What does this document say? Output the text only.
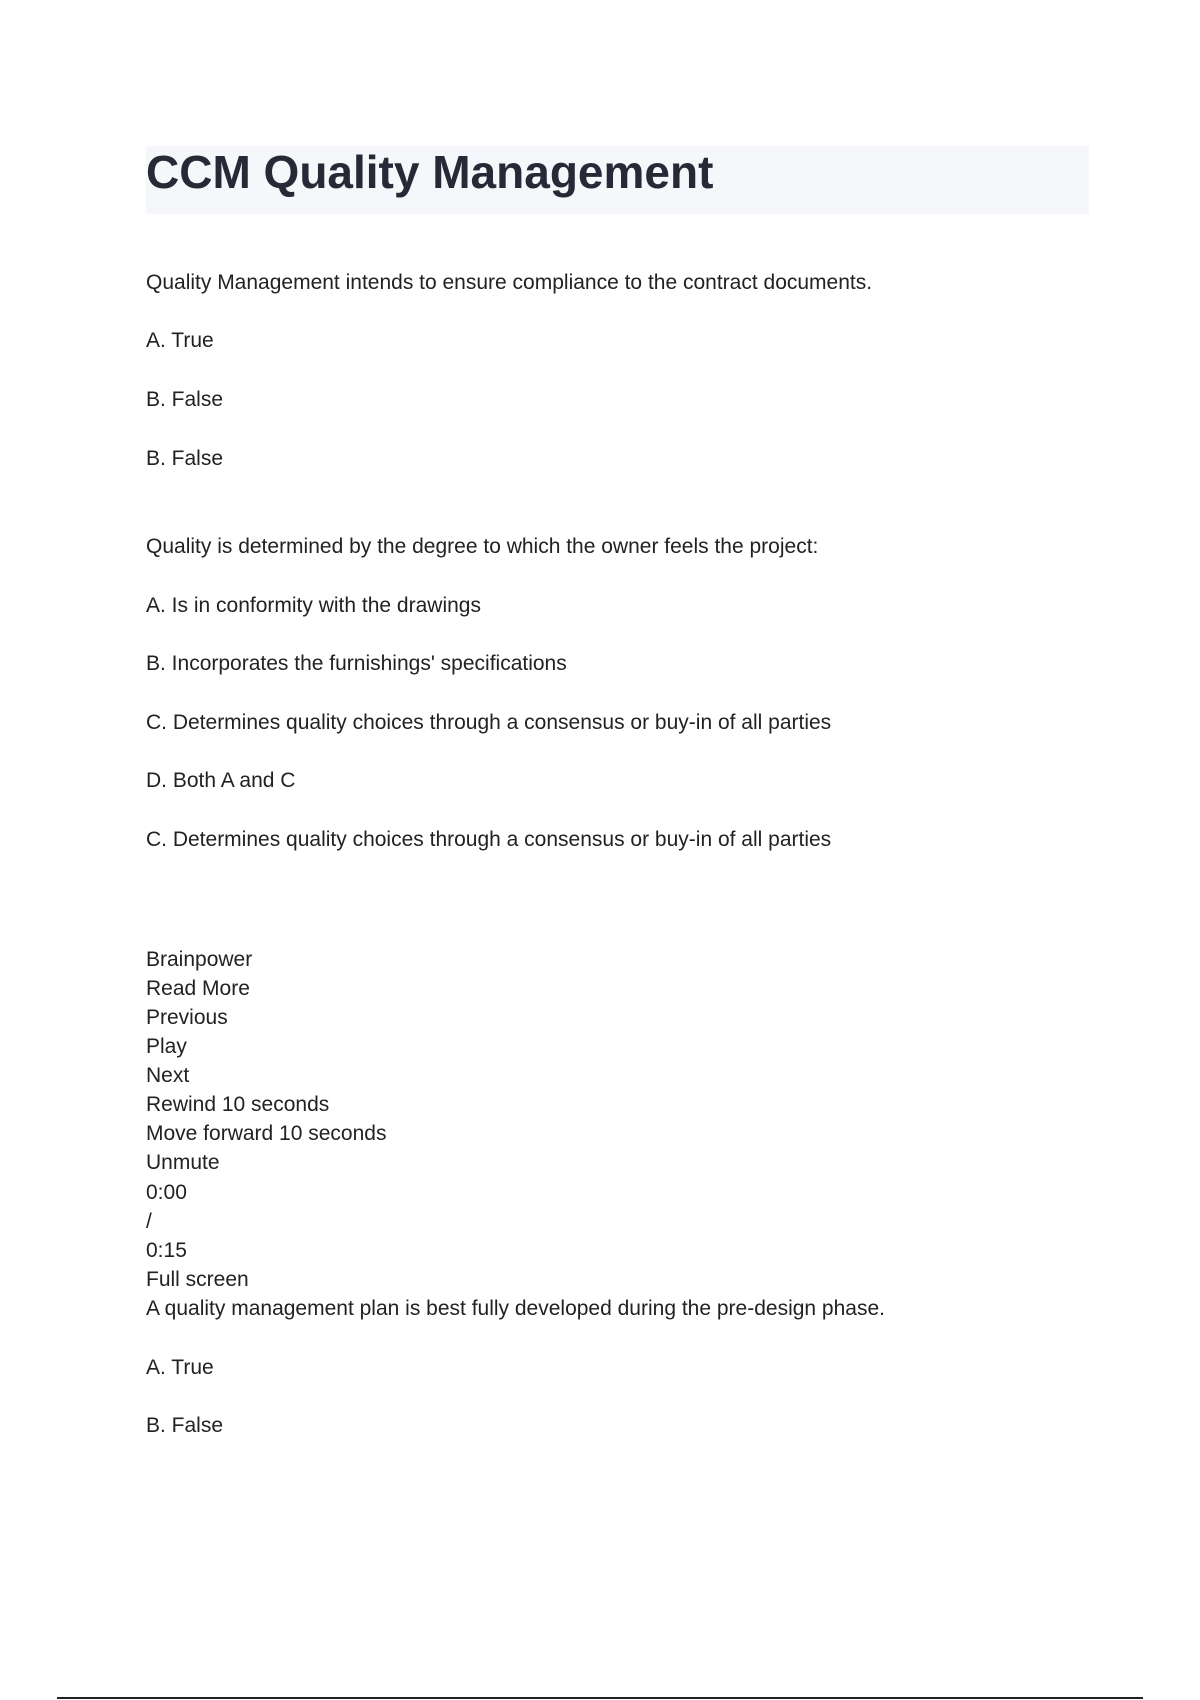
CCM Quality Management

Quality Management intends to ensure compliance to the contract documents.

A. True

B. False

B. False

Quality is determined by the degree to which the owner feels the project:

A. Is in conformity with the drawings

B. Incorporates the furnishings' specifications

C. Determines quality choices through a consensus or buy-in of all parties

D. Both A and C

C. Determines quality choices through a consensus or buy-in of all parties

Brainpower

Read More

Previous

Play

Next

Rewind 10 seconds

Move forward 10 seconds

Unmute

0:00

/

0:15

Full screen

A quality management plan is best fully developed during the pre-design phase.

A. True

B. False
